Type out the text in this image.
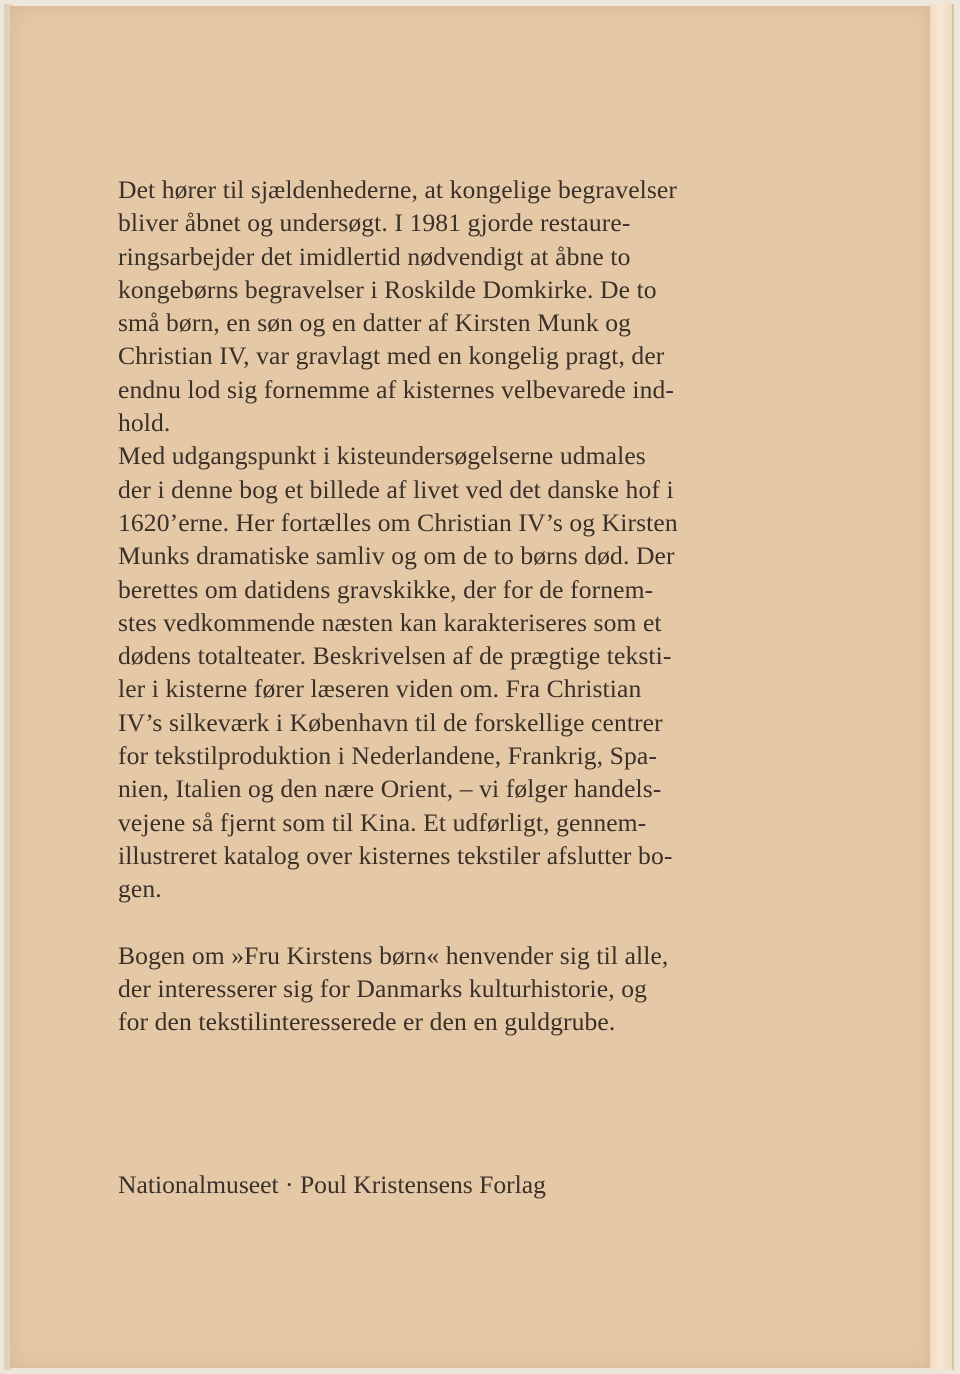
Det hører til sjældenhederne, at kongelige begravelser
bliver åbnet og undersøgt. I 1981 gjorde restaure-
ringsarbejder det imidlertid nødvendigt at åbne to
kongebørns begravelser i Roskilde Domkirke. De to
små børn, en søn og en datter af Kirsten Munk og
Christian IV, var gravlagt med en kongelig pragt, der
endnu lod sig fornemme af kisternes velbevarede ind-
hold.
Med udgangspunkt i kisteundersøgelserne udmales
der i denne bog et billede af livet ved det danske hof i
1620’erne. Her fortælles om Christian IV’s og Kirsten
Munks dramatiske samliv og om de to børns død. Der
berettes om datidens gravskikke, der for de fornem-
stes vedkommende næsten kan karakteriseres som et
dødens totalteater. Beskrivelsen af de prægtige teksti-
ler i kisterne fører læseren viden om. Fra Christian
IV’s silkeværk i København til de forskellige centrer
for tekstilproduktion i Nederlandene, Frankrig, Spa-
nien, Italien og den nære Orient, – vi følger handels-
vejene så fjernt som til Kina. Et udførligt, gennem-
illustreret katalog over kisternes tekstiler afslutter bo-
gen.
Bogen om »Fru Kirstens børn« henvender sig til alle,
der interesserer sig for Danmarks kulturhistorie, og
for den tekstilinteresserede er den en guldgrube.
Nationalmuseet · Poul Kristensens Forlag
